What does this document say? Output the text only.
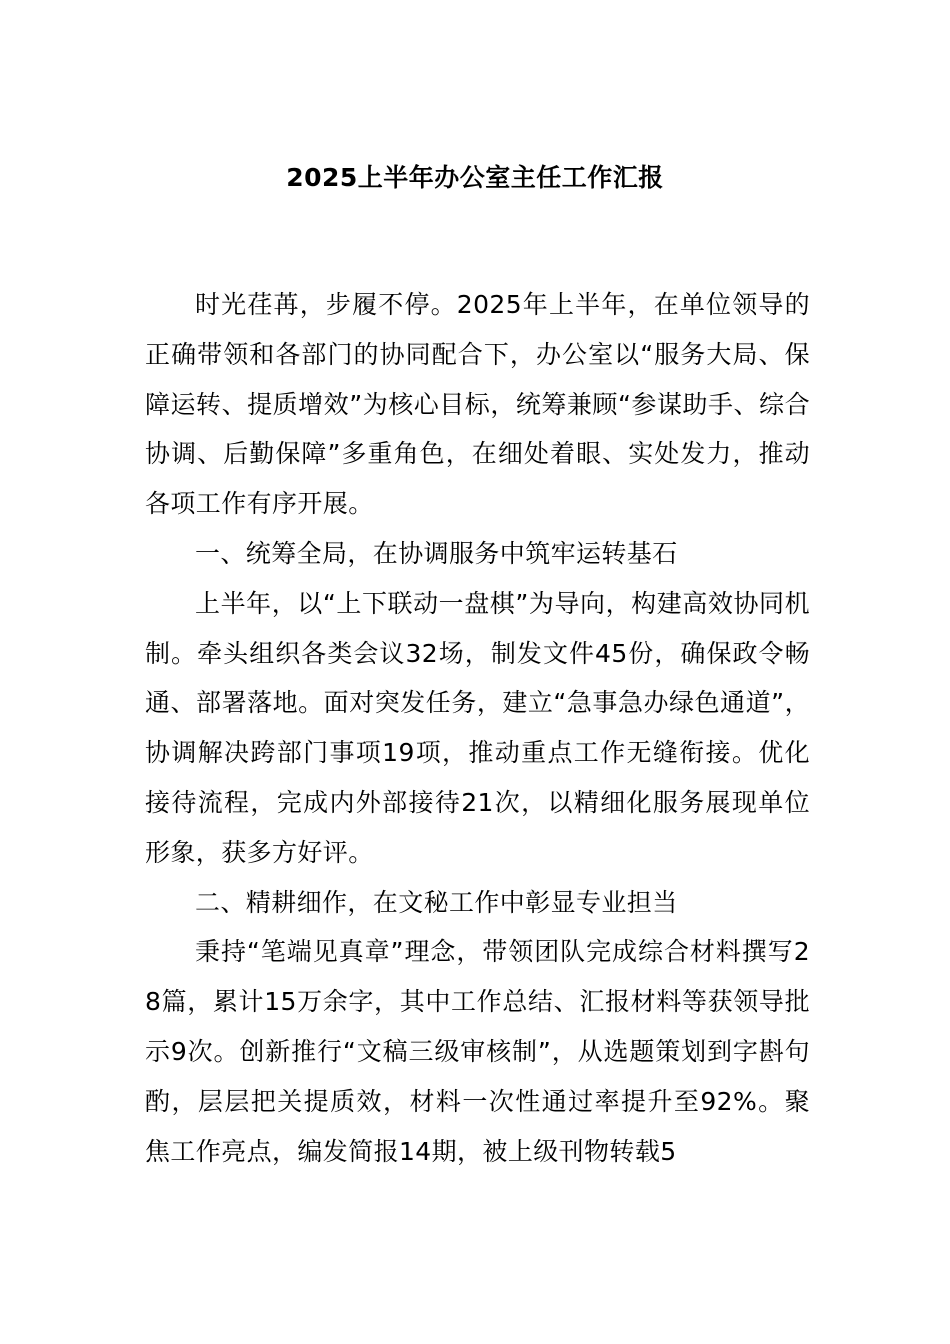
2025上半年办公室主任工作汇报

时光荏苒，步履不停。2025年上半年，在单位领导的正确带领和各部门的协同配合下，办公室以“服务大局、保障运转、提质增效”为核心目标，统筹兼顾“参谋助手、综合协调、后勤保障”多重角色，在细处着眼、实处发力，推动各项工作有序开展。

一、统筹全局，在协调服务中筑牢运转基石

上半年，以“上下联动一盘棋”为导向，构建高效协同机制。牵头组织各类会议32场，制发文件45份，确保政令畅通、部署落地。面对突发任务，建立“急事急办绿色通道”，协调解决跨部门事项19项，推动重点工作无缝衔接。优化接待流程，完成内外部接待21次，以精细化服务展现单位形象，获多方好评。

二、精耕细作，在文秘工作中彰显专业担当

秉持“笔端见真章”理念，带领团队完成综合材料撰写28篇，累计15万余字，其中工作总结、汇报材料等获领导批示9次。创新推行“文稿三级审核制”，从选题策划到字斟句酌，层层把关提质效，材料一次性通过率提升至92%。聚焦工作亮点，编发简报14期，被上级刊物转载5
